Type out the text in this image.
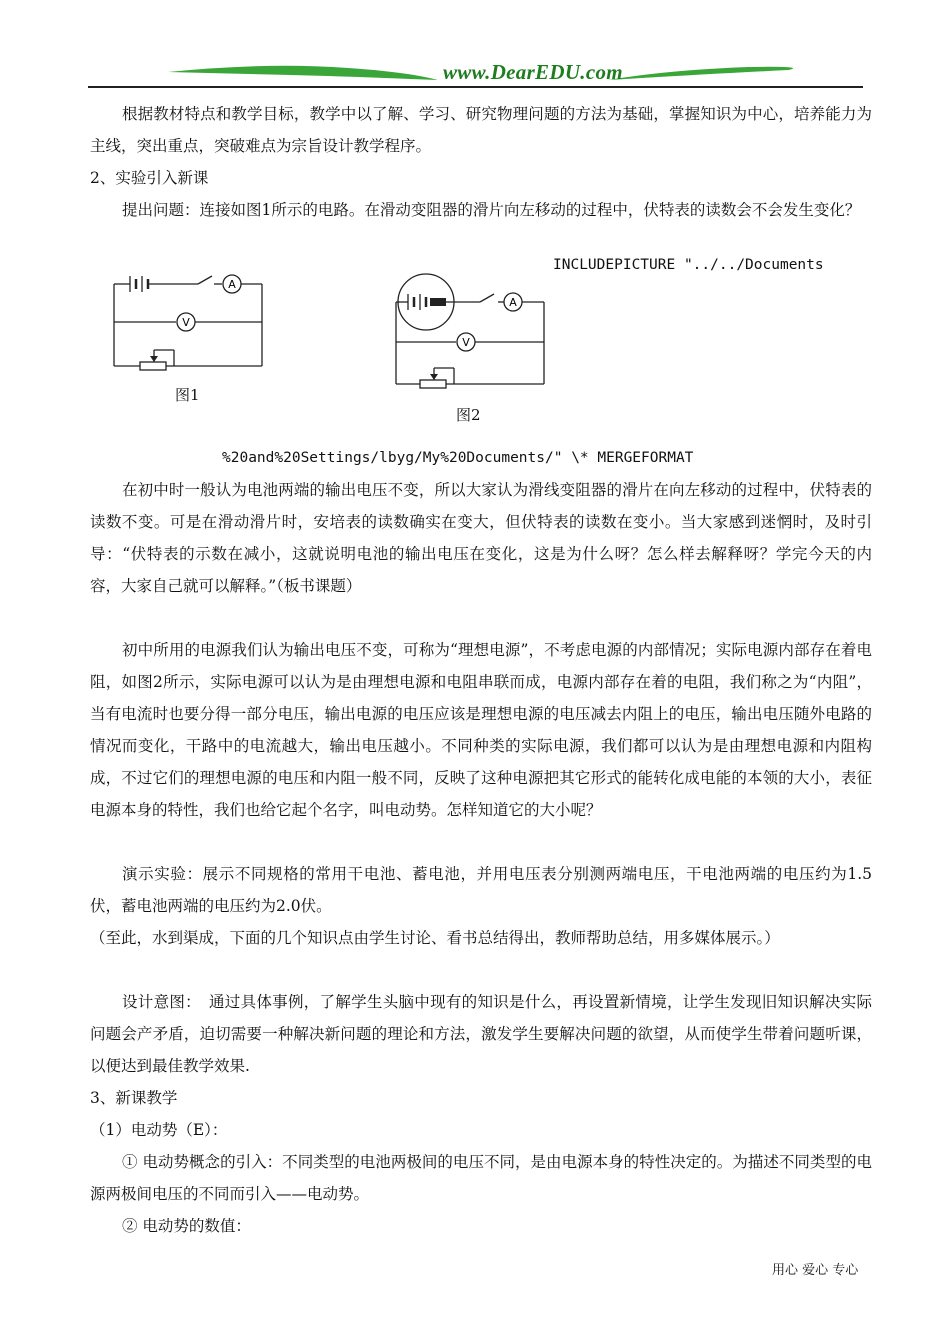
www.DearEDU.com

根据教材特点和教学目标，教学中以了解、学习、研究物理问题的方法为基础，掌握知识为中心，培养能力为主线，突出重点，突破难点为宗旨设计教学程序。

2、实验引入新课

提出问题：连接如图1所示的电路。在滑动变阻器的滑片向左移动的过程中，伏特表的读数会不会发生变化？

INCLUDEPICTURE "../../Documents
A
V
图1
A
V
图2
%20and%20Settings/lbyg/My%20Documents/" \* MERGEFORMAT

在初中时一般认为电池两端的输出电压不变，所以大家认为滑线变阻器的滑片在向左移动的过程中，伏特表的读数不变。可是在滑动滑片时，安培表的读数确实在变大，但伏特表的读数在变小。当大家感到迷惘时，及时引导：“伏特表的示数在减小，这就说明电池的输出电压在变化，这是为什么呀？怎么样去解释呀？学完今天的内容，大家自己就可以解释。”（板书课题）

初中所用的电源我们认为输出电压不变，可称为“理想电源”，不考虑电源的内部情况；实际电源内部存在着电阻，如图2所示，实际电源可以认为是由理想电源和电阻串联而成，电源内部存在着的电阻，我们称之为“内阻”，当有电流时也要分得一部分电压，输出电源的电压应该是理想电源的电压减去内阻上的电压，输出电压随外电路的情况而变化，干路中的电流越大，输出电压越小。不同种类的实际电源，我们都可以认为是由理想电源和内阻构成，不过它们的理想电源的电压和内阻一般不同，反映了这种电源把其它形式的能转化成电能的本领的大小，表征电源本身的特性，我们也给它起个名字，叫电动势。怎样知道它的大小呢？

演示实验：展示不同规格的常用干电池、蓄电池，并用电压表分别测两端电压，干电池两端的电压约为1.5 伏，蓄电池两端的电压约为2.0伏。

（至此，水到渠成，下面的几个知识点由学生讨论、看书总结得出，教师帮助总结，用多媒体展示。）

设计意图：　通过具体事例，了解学生头脑中现有的知识是什么，再设置新情境，让学生发现旧知识解决实际问题会产矛盾，迫切需要一种解决新问题的理论和方法，激发学生要解决问题的欲望，从而使学生带着问题听课，以便达到最佳教学效果.

3、新课教学

（1）电动势（E）：

① 电动势概念的引入：不同类型的电池两极间的电压不同，是由电源本身的特性决定的。为描述不同类型的电源两极间电压的不同而引入——电动势。

② 电动势的数值：

用心 爱心 专心
